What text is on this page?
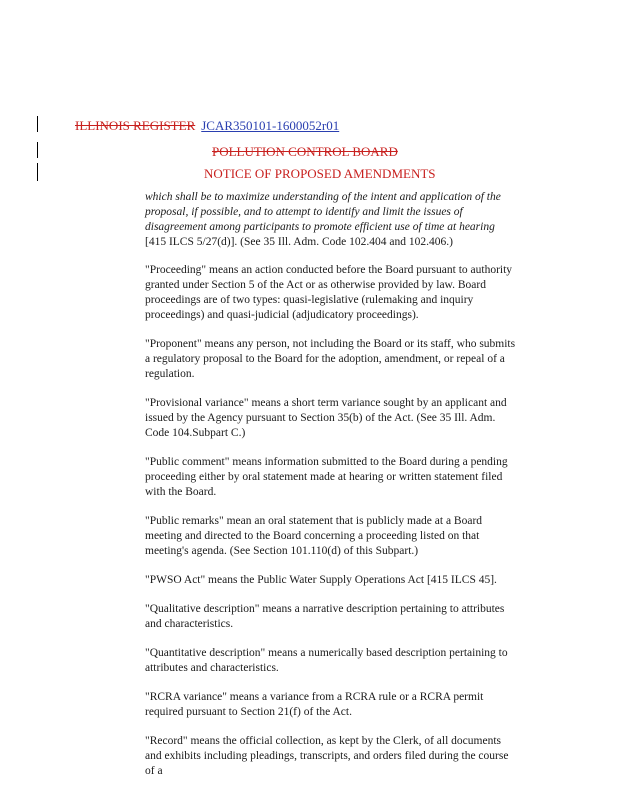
ILLINOIS REGISTER JCAR350101-1600052r01
POLLUTION CONTROL BOARD
NOTICE OF PROPOSED AMENDMENTS

which shall be to maximize understanding of the intent and application of the proposal, if possible, and to attempt to identify and limit the issues of disagreement among participants to promote efficient use of time at hearing [415 ILCS 5/27(d)]. (See 35 Ill. Adm. Code 102.404 and 102.406.)

"Proceeding" means an action conducted before the Board pursuant to authority granted under Section 5 of the Act or as otherwise provided by law. Board proceedings are of two types: quasi-legislative (rulemaking and inquiry proceedings) and quasi-judicial (adjudicatory proceedings).

"Proponent" means any person, not including the Board or its staff, who submits a regulatory proposal to the Board for the adoption, amendment, or repeal of a regulation.

"Provisional variance" means a short term variance sought by an applicant and issued by the Agency pursuant to Section 35(b) of the Act. (See 35 Ill. Adm. Code 104.Subpart C.)

"Public comment" means information submitted to the Board during a pending proceeding either by oral statement made at hearing or written statement filed with the Board.

"Public remarks" mean an oral statement that is publicly made at a Board meeting and directed to the Board concerning a proceeding listed on that meeting's agenda. (See Section 101.110(d) of this Subpart.)

"PWSO Act" means the Public Water Supply Operations Act [415 ILCS 45].

"Qualitative description" means a narrative description pertaining to attributes and characteristics.

"Quantitative description" means a numerically based description pertaining to attributes and characteristics.

"RCRA variance" means a variance from a RCRA rule or a RCRA permit required pursuant to Section 21(f) of the Act.

"Record" means the official collection, as kept by the Clerk, of all documents and exhibits including pleadings, transcripts, and orders filed during the course of a
